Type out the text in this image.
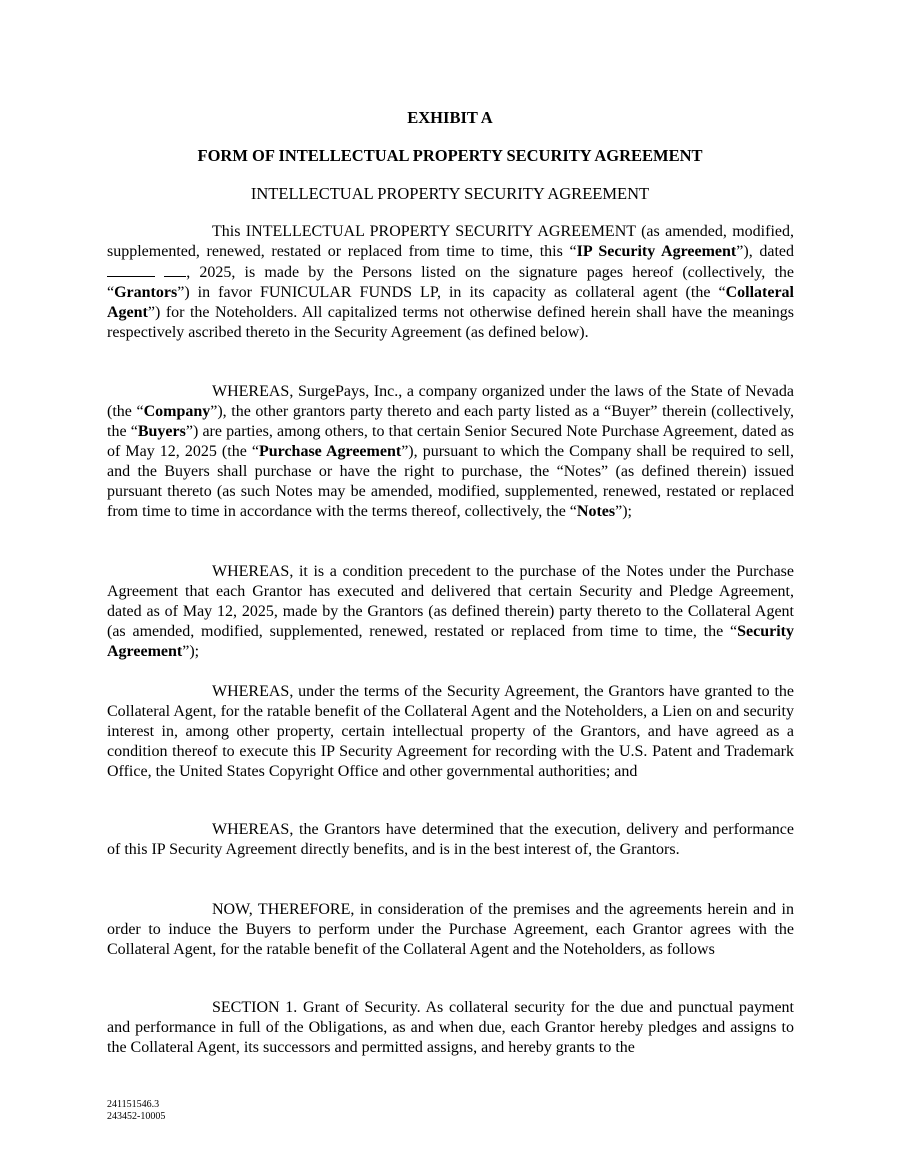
EXHIBIT A
FORM OF INTELLECTUAL PROPERTY SECURITY AGREEMENT
INTELLECTUAL PROPERTY SECURITY AGREEMENT
This INTELLECTUAL PROPERTY SECURITY AGREEMENT (as amended, modified, supplemented, renewed, restated or replaced from time to time, this “IP Security Agreement”), dated  , 2025, is made by the Persons listed on the signature pages hereof (collectively, the “Grantors”) in favor FUNICULAR FUNDS LP, in its capacity as collateral agent (the “Collateral Agent”) for the Noteholders. All capitalized terms not otherwise defined herein shall have the meanings respectively ascribed thereto in the Security Agreement (as defined below).
WHEREAS, SurgePays, Inc., a company organized under the laws of the State of Nevada (the “Company”), the other grantors party thereto and each party listed as a “Buyer” therein (collectively, the “Buyers”) are parties, among others, to that certain Senior Secured Note Purchase Agreement, dated as of May 12, 2025 (the “Purchase Agreement”), pursuant to which the Company shall be required to sell, and the Buyers shall purchase or have the right to purchase, the “Notes” (as defined therein) issued pursuant thereto (as such Notes may be amended, modified, supplemented, renewed, restated or replaced from time to time in accordance with the terms thereof, collectively, the “Notes”);
WHEREAS, it is a condition precedent to the purchase of the Notes under the Purchase Agreement that each Grantor has executed and delivered that certain Security and Pledge Agreement, dated as of May 12, 2025, made by the Grantors (as defined therein) party thereto to the Collateral Agent (as amended, modified, supplemented, renewed, restated or replaced from time to time, the “Security Agreement”);
WHEREAS, under the terms of the Security Agreement, the Grantors have granted to the Collateral Agent, for the ratable benefit of the Collateral Agent and the Noteholders, a Lien on and security interest in, among other property, certain intellectual property of the Grantors, and have agreed as a condition thereof to execute this IP Security Agreement for recording with the U.S. Patent and Trademark Office, the United States Copyright Office and other governmental authorities; and
WHEREAS, the Grantors have determined that the execution, delivery and performance of this IP Security Agreement directly benefits, and is in the best interest of, the Grantors.
NOW, THEREFORE, in consideration of the premises and the agreements herein and in order to induce the Buyers to perform under the Purchase Agreement, each Grantor agrees with the Collateral Agent, for the ratable benefit of the Collateral Agent and the Noteholders, as follows
SECTION 1. Grant of Security. As collateral security for the due and punctual payment and performance in full of the Obligations, as and when due, each Grantor hereby pledges and assigns to the Collateral Agent, its successors and permitted assigns, and hereby grants to the
241151546.3
243452-10005
